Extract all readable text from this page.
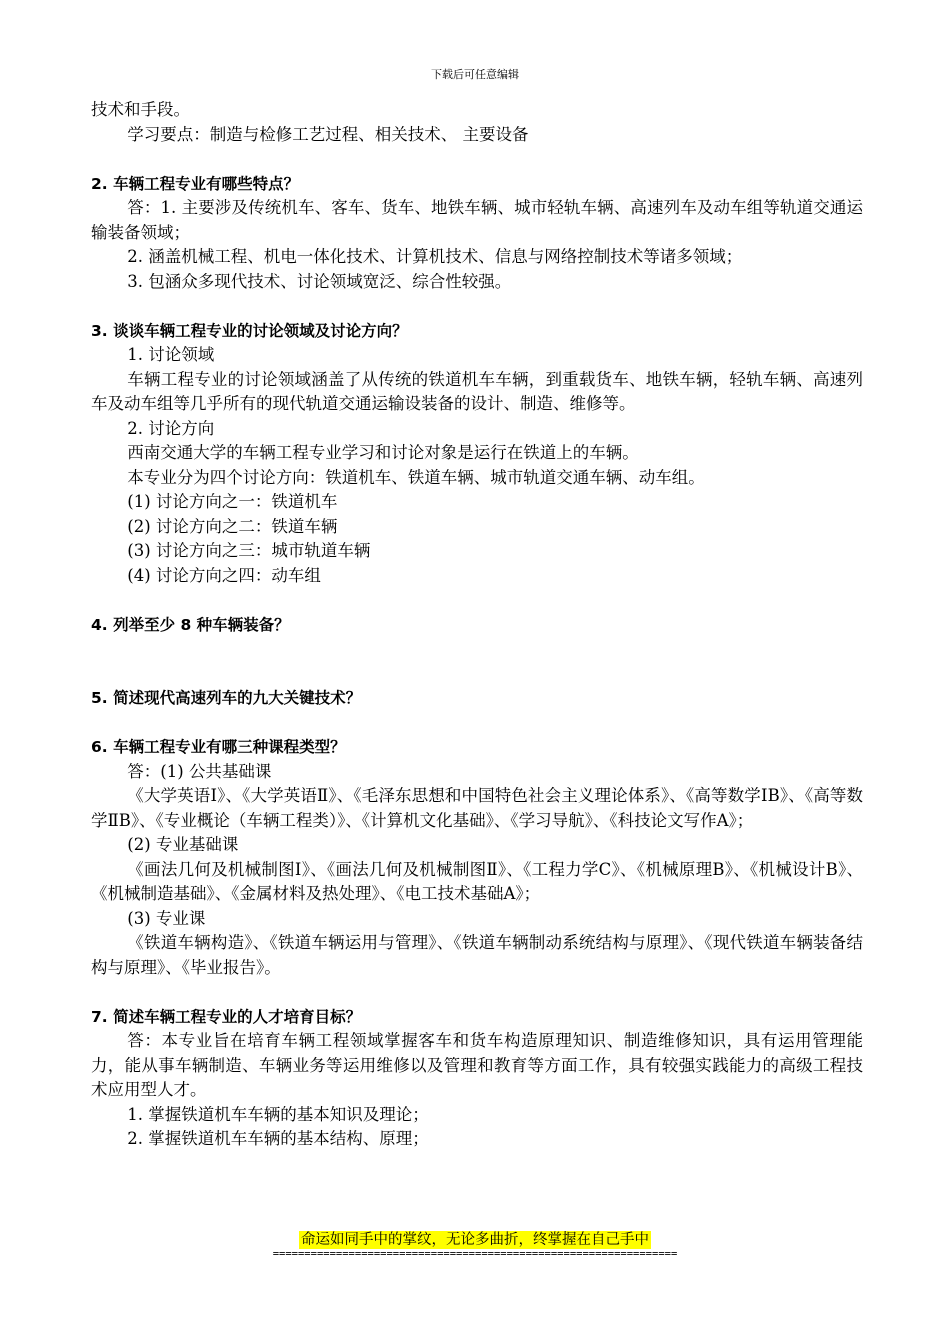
下载后可任意编辑

技术和手段。

学习要点：制造与检修工艺过程、相关技术、 主要设备

2. 车辆工程专业有哪些特点？

答：1. 主要涉及传统机车、客车、货车、地铁车辆、城市轻轨车辆、高速列车及动车组等轨道交通运输装备领域；

2. 涵盖机械工程、机电一体化技术、计算机技术、信息与网络控制技术等诸多领域；

3. 包涵众多现代技术、讨论领域宽泛、综合性较强。

3. 谈谈车辆工程专业的讨论领域及讨论方向？

1. 讨论领域

车辆工程专业的讨论领域涵盖了从传统的铁道机车车辆，到重载货车、地铁车辆，轻轨车辆、高速列车及动车组等几乎所有的现代轨道交通运输设装备的设计、制造、维修等。

2. 讨论方向

西南交通大学的车辆工程专业学习和讨论对象是运行在铁道上的车辆。

本专业分为四个讨论方向：铁道机车、铁道车辆、城市轨道交通车辆、动车组。

(1) 讨论方向之一：铁道机车

(2) 讨论方向之二：铁道车辆

(3) 讨论方向之三：城市轨道车辆

(4) 讨论方向之四：动车组

4. 列举至少 8 种车辆装备？

5. 简述现代高速列车的九大关键技术？

6. 车辆工程专业有哪三种课程类型？

答：(1) 公共基础课

《大学英语Ⅰ》、《大学英语Ⅱ》、《毛泽东思想和中国特色社会主义理论体系》、《高等数学ⅠB》、《高等数学ⅡB》、《专业概论（车辆工程类）》、《计算机文化基础》、《学习导航》、《科技论文写作A》；

(2) 专业基础课

《画法几何及机械制图Ⅰ》、《画法几何及机械制图Ⅱ》、《工程力学C》、《机械原理B》、《机械设计B》、《机械制造基础》、《金属材料及热处理》、《电工技术基础A》；

(3) 专业课

《铁道车辆构造》、《铁道车辆运用与管理》、《铁道车辆制动系统结构与原理》、《现代铁道车辆装备结构与原理》、《毕业报告》。

7. 简述车辆工程专业的人才培育目标？

答：本专业旨在培育车辆工程领域掌握客车和货车构造原理知识、制造维修知识，具有运用管理能力，能从事车辆制造、车辆业务等运用维修以及管理和教育等方面工作，具有较强实践能力的高级工程技术应用型人才。

1. 掌握铁道机车车辆的基本知识及理论；

2. 掌握铁道机车车辆的基本结构、原理；

命运如同手中的掌纹，无论多曲折，终掌握在自己手中
================================================================
